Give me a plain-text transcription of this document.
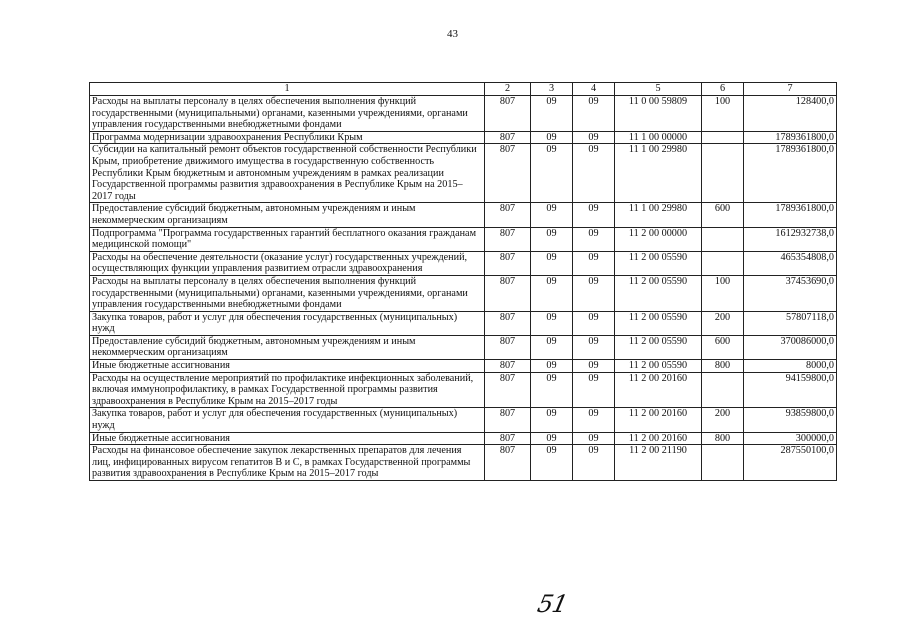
43
1	2	3	4	5	6	7
Расходы на выплаты персоналу в целях обеспечения выполнения функций государственными (муниципальными) органами, казенными учреждениями, органами управления государственными внебюджетными фондами	807	09	09	11 0 00 59809	100	128400,0
Программа модернизации здравоохранения Республики Крым	807	09	09	11 1 00 00000		1789361800,0
Субсидии на капитальный ремонт объектов государственной собственности Республики Крым, приобретение движимого имущества в государственную собственность Республики Крым бюджетным и автономным учреждениям в рамках реализации Государственной программы развития здравоохранения в Республике Крым на 2015–2017 годы	807	09	09	11 1 00 29980		1789361800,0
Предоставление субсидий бюджетным, автономным учреждениям и иным некоммерческим организациям	807	09	09	11 1 00 29980	600	1789361800,0
Подпрограмма "Программа государственных гарантий бесплатного оказания гражданам медицинской помощи"	807	09	09	11 2 00 00000		1612932738,0
Расходы на обеспечение деятельности (оказание услуг) государственных учреждений, осуществляющих функции управления развитием отрасли здравоохранения	807	09	09	11 2 00 05590		465354808,0
Расходы на выплаты персоналу в целях обеспечения выполнения функций государственными (муниципальными) органами, казенными учреждениями, органами управления государственными внебюджетными фондами	807	09	09	11 2 00 05590	100	37453690,0
Закупка товаров, работ и услуг для обеспечения государственных (муниципальных) нужд	807	09	09	11 2 00 05590	200	57807118,0
Предоставление субсидий бюджетным, автономным учреждениям и иным некоммерческим организациям	807	09	09	11 2 00 05590	600	370086000,0
Иные бюджетные ассигнования	807	09	09	11 2 00 05590	800	8000,0
Расходы на осуществление мероприятий по профилактике инфекционных заболеваний, включая иммунопрофилактику, в рамках Государственной программы развития здравоохранения в Республике Крым на 2015–2017 годы	807	09	09	11 2 00 20160		94159800,0
Закупка товаров, работ и услуг для обеспечения государственных (муниципальных) нужд	807	09	09	11 2 00 20160	200	93859800,0
Иные бюджетные ассигнования	807	09	09	11 2 00 20160	800	300000,0
Расходы на финансовое обеспечение закупок лекарственных препаратов для лечения лиц, инфицированных вирусом гепатитов В и С, в рамках Государственной программы развития здравоохранения в Республике Крым на 2015–2017 годы	807	09	09	11 2 00 21190		287550100,0
51
